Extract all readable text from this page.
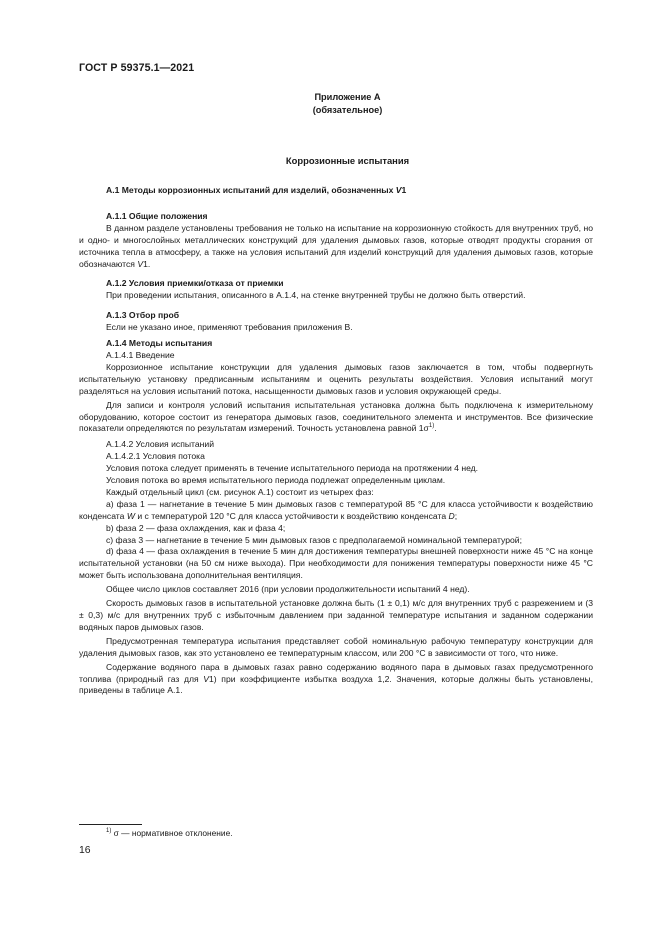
ГОСТ Р 59375.1—2021
Приложение А
(обязательное)
Коррозионные испытания

А.1 Методы коррозионных испытаний для изделий, обозначенных V1

А.1.1 Общие положения

В данном разделе установлены требования не только на испытание на коррозионную стойкость для внутренних труб, но и одно- и многослойных металлических конструкций для удаления дымовых газов, которые отводят продукты сгорания от источника тепла в атмосферу, а также на условия испытаний для изделий конструкций для удаления дымовых газов, которые обозначаются V1.

А.1.2 Условия приемки/отказа от приемки

При проведении испытания, описанного в А.1.4, на стенке внутренней трубы не должно быть отверстий.

А.1.3 Отбор проб

Если не указано иное, применяют требования приложения В.

А.1.4 Методы испытания

А.1.4.1 Введение

Коррозионное испытание конструкции для удаления дымовых газов заключается в том, чтобы подвергнуть испытательную установку предписанным испытаниям и оценить результаты воздействия. Условия испытаний могут разделяться на условия испытаний потока, насыщенности дымовых газов и условия окружающей среды.

Для записи и контроля условий испытания испытательная установка должна быть подключена к измерительному оборудованию, которое состоит из генератора дымовых газов, соединительного элемента и инструментов. Все физические показатели определяются по результатам измерений. Точность установлена равной $1\sigma^{1)}$.

А.1.4.2 Условия испытаний

А.1.4.2.1 Условия потока

Условия потока следует применять в течение испытательного периода на протяжении 4 нед.

Условия потока во время испытательного периода подлежат определенным циклам.

Каждый отдельный цикл (см. рисунок А.1) состоит из четырех фаз:

a) фаза 1 — нагнетание в течение 5 мин дымовых газов с температурой 85 °С для класса устойчивости к воздействию конденсата W и с температурой 120 °С для класса устойчивости к воздействию конденсата D;

b) фаза 2 — фаза охлаждения, как и фаза 4;

c) фаза 3 — нагнетание в течение 5 мин дымовых газов с предполагаемой номинальной температурой;

d) фаза 4 — фаза охлаждения в течение 5 мин для достижения температуры внешней поверхности ниже 45 °С на конце испытательной установки (на 50 см ниже выхода). При необходимости для понижения температуры поверхности ниже 45 °С может быть использована дополнительная вентиляция.

Общее число циклов составляет 2016 (при условии продолжительности испытаний 4 нед).

Скорость дымовых газов в испытательной установке должна быть (1 ± 0,1) м/с для внутренних труб с разрежением и (3 ± 0,3) м/с для внутренних труб с избыточным давлением при заданной температуре испытания и заданном содержании водяных паров дымовых газов.

Предусмотренная температура испытания представляет собой номинальную рабочую температуру конструкции для удаления дымовых газов, как это установлено ее температурным классом, или 200 °С в зависимости от того, что ниже.

Содержание водяного пара в дымовых газах равно содержанию водяного пара в дымовых газах предусмотренного топлива (природный газ для V1) при коэффициенте избытка воздуха 1,2. Значения, которые должны быть установлены, приведены в таблице А.1.

$^{1)}$ σ — нормативное отклонение.
16
